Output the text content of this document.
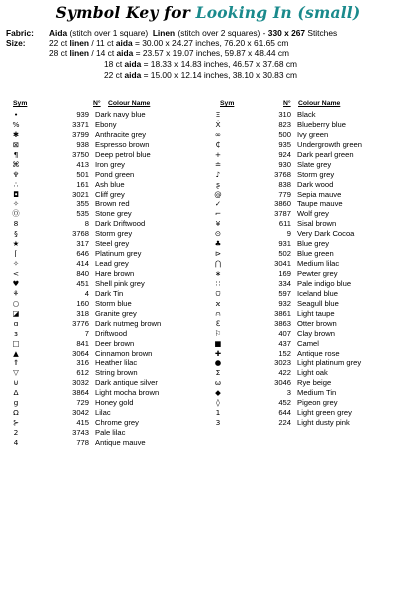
Symbol Key for Looking In (small)
Fabric: Aida (stitch over 1 square) Linen (stitch over 2 squares) - 330 x 267 Stitches
Size:	22 ct linen / 11 ct aida = 30.00 x 24.27 inches, 76.20 x 61.65 cm
28 ct linen / 14 ct aida = 23.57 x 19.07 inches, 59.87 x 48.44 cm
18 ct aida = 18.33 x 14.83 inches, 46.57 x 37.68 cm
22 ct aida = 15.00 x 12.14 inches, 38.10 x 30.83 cm
Sym	N° Colour Name	Sym	N° Colour Name
•	939 Dark navy blue
%	3371 Ebony
✱	3799 Anthracite grey
⊠	938 Espresso brown
¶	3750 Deep petrol blue
⌘	413 Iron grey
♆	501 Pond green
∴	161 Ash blue
◘	3021 Cliff grey
✧	355 Brown red
Ⓞ	535 Stone grey
8	8 Dark Driftwood
§	3768 Storm grey
★	317 Steel grey
⌈	646 Platinum grey
✧	414 Lead grey
<	840 Hare brown
♥	451 Shell pink grey
⚘	4 Dark Tin
○	160 Storm blue
◪	318 Granite grey
ɑ	3776 Dark nutmeg brown
ɜ	7 Driftwood
□	841 Deer brown
▲	3064 Cinnamon brown
⇑	316 Heather lilac
▽	612 String brown
⊍	3032 Dark antique silver
Δ	3864 Light mocha brown
g	729 Honey gold
Ω	3042 Lilac
⊱	415 Chrome grey
2	3743 Pale lilac
4	778 Antique mauve
Ξ	310 Black
Ẋ	823 Blueberry blue
∞	500 Ivy green
₵	935 Undergrowth green
+	924 Dark pearl green
≐	930 Slate grey
♪	3768 Storm grey
ʂ	838 Dark wood
@	779 Sepia mauve
✓	3860 Taupe mauve
⌐	3787 Wolf grey
¥	611 Sisal brown
⊙	9 Very Dark Cocoa
♣	931 Blue grey
⊳	502 Blue green
⋂	3041 Medium lilac
∗	169 Pewter grey
∷	334 Pale indigo blue
⩂	597 Iceland blue
ϰ	932 Seagull blue
⩀	3861 Light taupe
ℇ	3863 Otter brown
⚐	407 Clay brown
■	437 Camel
✚	152 Antique rose
●	3023 Light platinum grey
Σ	422 Light oak
ω	3046 Rye beige
◆	3 Medium Tin
◊	452 Pigeon grey
1	644 Light green grey
3	224 Light dusty pink
